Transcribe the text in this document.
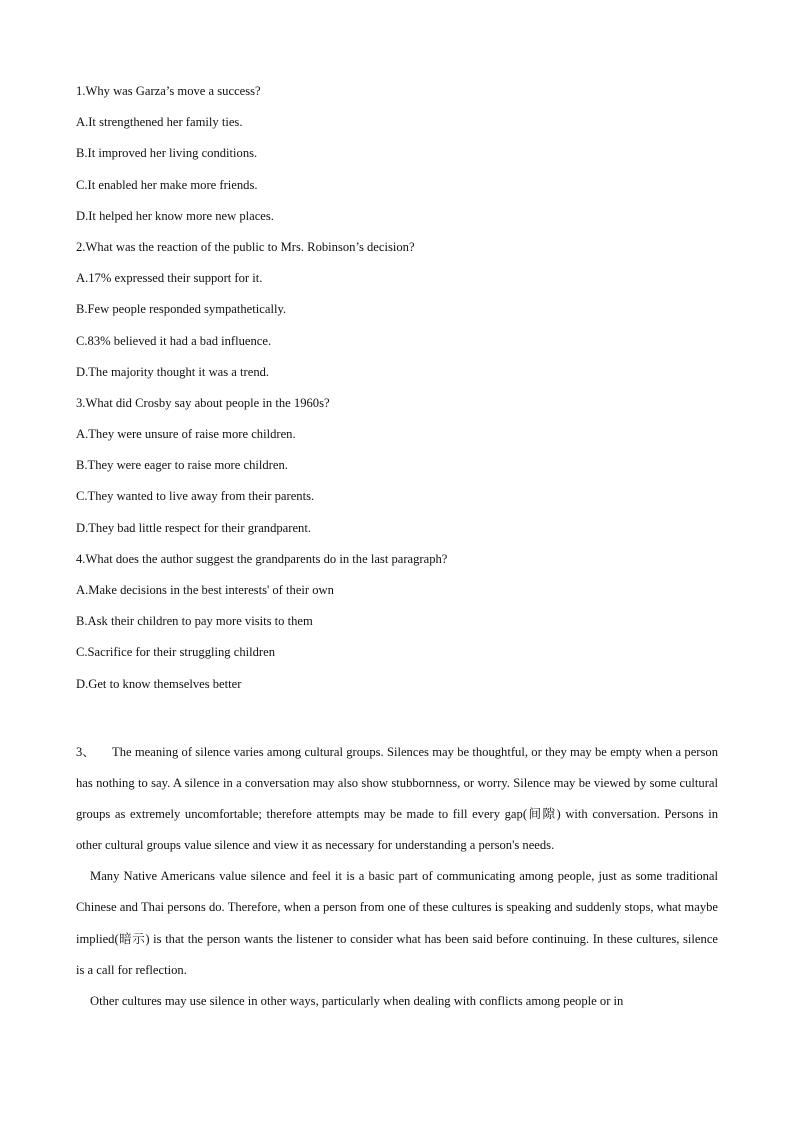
1.Why was Garza’s move a success?
A.It strengthened her family ties.
B.It improved her living conditions.
C.It enabled her make more friends.
D.It helped her know more new places.
2.What was the reaction of the public to Mrs. Robinson’s decision?
A.17% expressed their support for it.
B.Few people responded sympathetically.
C.83% believed it had a bad influence.
D.The majority thought it was a trend.
3.What did Crosby say about people in the 1960s?
A.They were unsure of raise more children.
B.They were eager to raise more children.
C.They wanted to live away from their parents.
D.They bad little respect for their grandparent.
4.What does the author suggest the grandparents do in the last paragraph?
A.Make decisions in the best interests' of their own
B.Ask their children to pay more visits to them
C.Sacrifice for their struggling children
D.Get to know themselves better

3、 The meaning of silence varies among cultural groups. Silences may be thoughtful, or they may be empty when a person has nothing to say. A silence in a conversation may also show stubbornness, or worry. Silence may be viewed by some cultural groups as extremely uncomfortable; therefore attempts may be made to fill every gap(间隙) with conversation. Persons in other cultural groups value silence and view it as necessary for understanding a person's needs.

Many Native Americans value silence and feel it is a basic part of communicating among people, just as some traditional Chinese and Thai persons do. Therefore, when a person from one of these cultures is speaking and suddenly stops, what maybe implied(暗示) is that the person wants the listener to consider what has been said before continuing. In these cultures, silence is a call for reflection.

Other cultures may use silence in other ways, particularly when dealing with conflicts among people or in
